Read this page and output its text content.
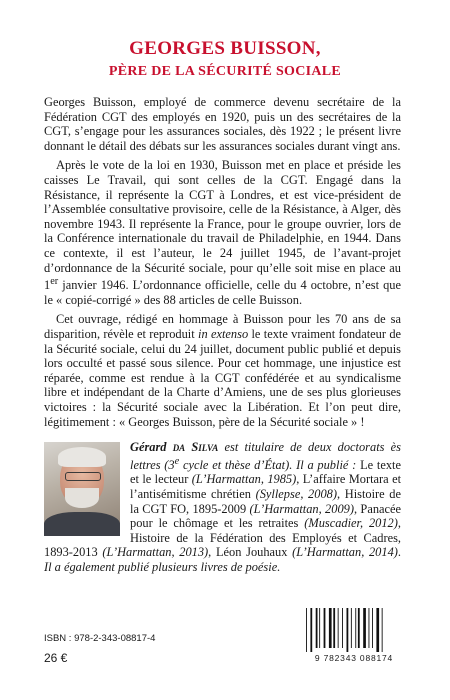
GEORGES BUISSON,
PÈRE DE LA SÉCURITÉ SOCIALE

Georges Buisson, employé de commerce devenu secrétaire de la Fédération CGT des employés en 1920, puis un des secrétaires de la CGT, s’engage pour les assurances sociales, dès 1922 ; le présent livre donnant le détail des débats sur les assurances sociales durant vingt ans.

Après le vote de la loi en 1930, Buisson met en place et préside les caisses Le Travail, qui sont celles de la CGT. Engagé dans la Résistance, il représente la CGT à Londres, et est vice-président de l’Assemblée consultative provisoire, celle de la Résistance, à Alger, dès novembre 1943. Il représente la France, pour le groupe ouvrier, lors de la Conférence internationale du travail de Philadelphie, en 1944. Dans ce contexte, il est l’auteur, le 24 juillet 1945, de l’avant-projet d’ordonnance de la Sécurité sociale, pour qu’elle soit mise en place au 1er janvier 1946. L’ordonnance officielle, celle du 4 octobre, n’est que le « copié-corrigé » des 88 articles de celle Buisson.

Cet ouvrage, rédigé en hommage à Buisson pour les 70 ans de sa disparition, révèle et reproduit in extenso le texte vraiment fondateur de la Sécurité sociale, celui du 24 juillet, document public publié et depuis lors occulté et passé sous silence. Pour cet hommage, une injustice est réparée, comme est rendue à la CGT confédérée et au syndicalisme libre et indépendant de la Charte d’Amiens, une de ses plus glorieuses victoires : la Sécurité sociale avec la Libération. Et l’on peut dire, légitimement : « Georges Buisson, père de la Sécurité sociale » !

Gérard da Silva est titulaire de deux doctorats ès lettres (3e cycle et thèse d’État). Il a publié : Le texte et le lecteur (L’Harmattan, 1985), L’affaire Mortara et l’antisémitisme chrétien (Syllepse, 2008), Histoire de la CGT FO, 1895-2009 (L’Harmattan, 2009), Panacée pour le chômage et les retraites (Muscadier, 2012), Histoire de la Fédération des Employés et Cadres, 1893-2013 (L’Harmattan, 2013), Léon Jouhaux (L’Harmattan, 2014). Il a également publié plusieurs livres de poésie.
ISBN : 978-2-343-08817-4
26 €	9 782343 088174
